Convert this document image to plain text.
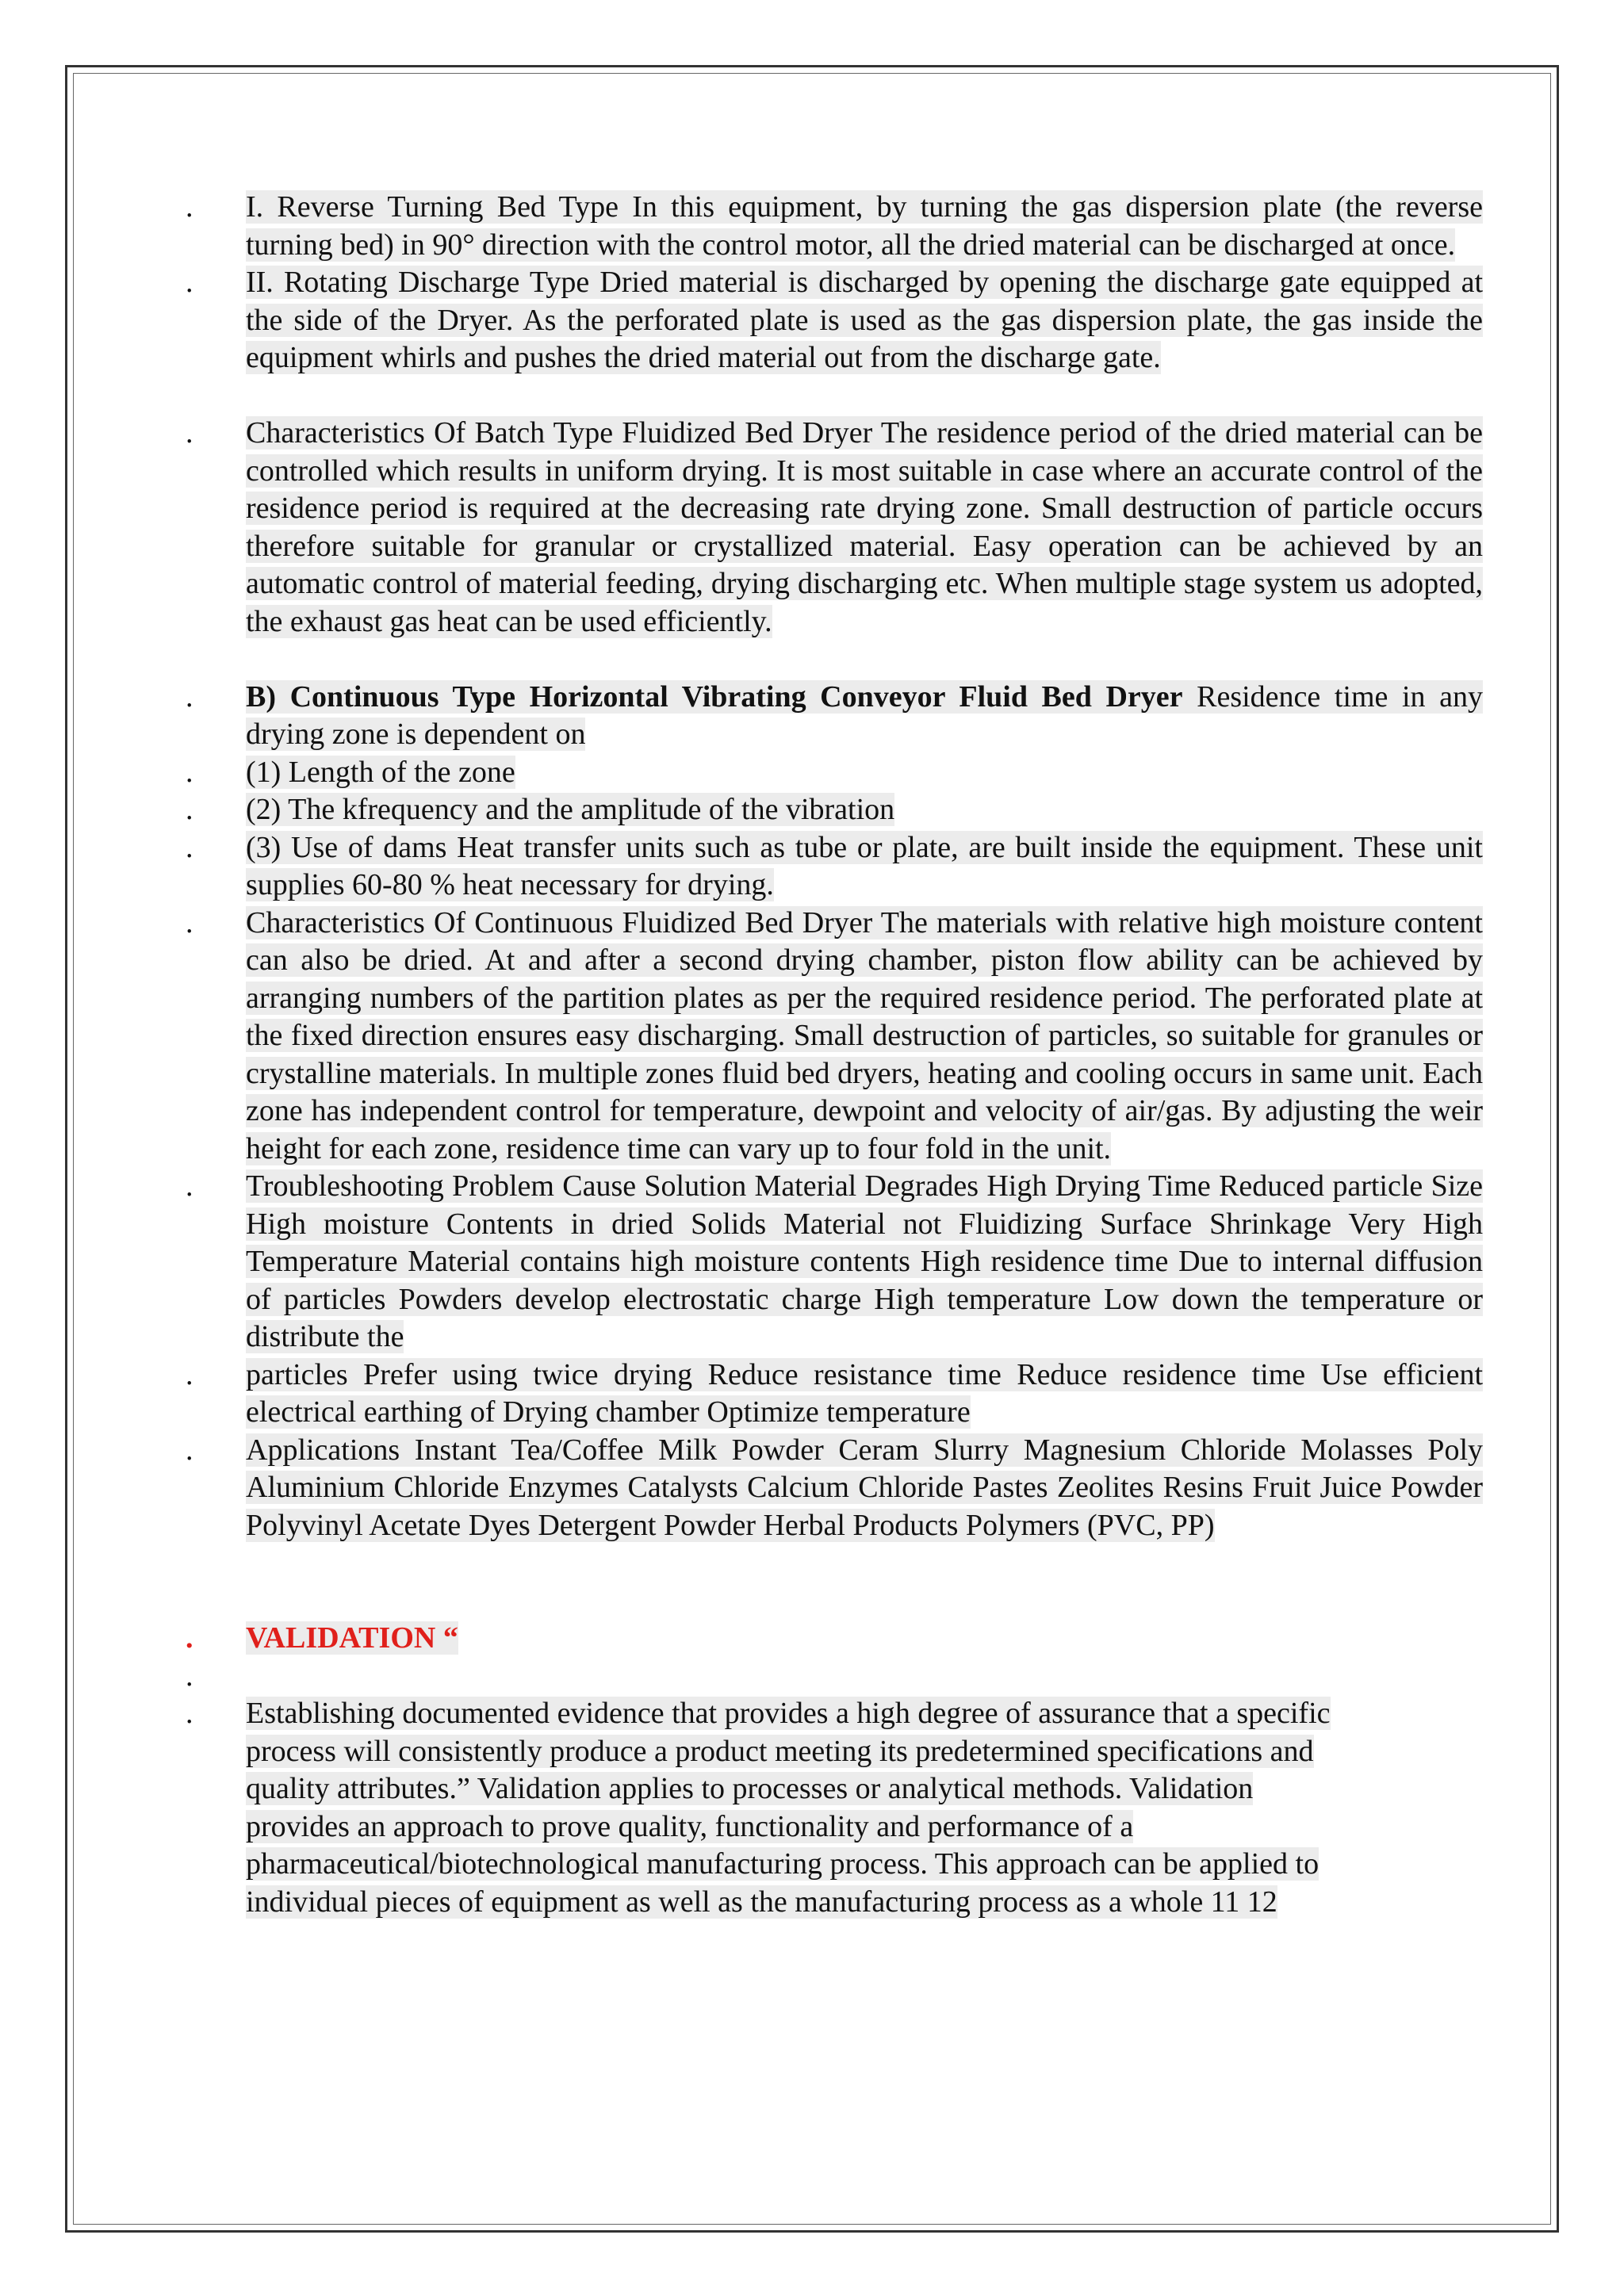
. I. Reverse Turning Bed Type In this equipment, by turning the gas dispersion plate (the reverse turning bed) in 90° direction with the control motor, all the dried material can be discharged at once.
. II. Rotating Discharge Type Dried material is discharged by opening the discharge gate equipped at the side of the Dryer. As the perforated plate is used as the gas dispersion plate, the gas inside the equipment whirls and pushes the dried material out from the discharge gate.
. Characteristics Of Batch Type Fluidized Bed Dryer The residence period of the dried material can be controlled which results in uniform drying. It is most suitable in case where an accurate control of the residence period is required at the decreasing rate drying zone. Small destruction of particle occurs therefore suitable for granular or crystallized material. Easy operation can be achieved by an automatic control of material feeding, drying discharging etc. When multiple stage system us adopted, the exhaust gas heat can be used efficiently.
. B) Continuous Type Horizontal Vibrating Conveyor Fluid Bed Dryer Residence time in any drying zone is dependent on
. (1) Length of the zone
. (2) The kfrequency and the amplitude of the vibration
. (3) Use of dams Heat transfer units such as tube or plate, are built inside the equipment. These unit supplies 60-80 % heat necessary for drying.
. Characteristics Of Continuous Fluidized Bed Dryer The materials with relative high moisture content can also be dried. At and after a second drying chamber, piston flow ability can be achieved by arranging numbers of the partition plates as per the required residence period. The perforated plate at the fixed direction ensures easy discharging. Small destruction of particles, so suitable for granules or crystalline materials. In multiple zones fluid bed dryers, heating and cooling occurs in same unit. Each zone has independent control for temperature, dewpoint and velocity of air/gas. By adjusting the weir height for each zone, residence time can vary up to four fold in the unit.
. Troubleshooting Problem Cause Solution Material Degrades High Drying Time Reduced particle Size High moisture Contents in dried Solids Material not Fluidizing Surface Shrinkage Very High Temperature Material contains high moisture contents High residence time Due to internal diffusion of particles Powders develop electrostatic charge High temperature Low down the temperature or distribute the
. particles Prefer using twice drying Reduce resistance time Reduce residence time Use efficient electrical earthing of Drying chamber Optimize temperature
. Applications Instant Tea/Coffee Milk Powder Ceram Slurry Magnesium Chloride Molasses Poly Aluminium Chloride Enzymes Catalysts Calcium Chloride Pastes Zeolites Resins Fruit Juice Powder Polyvinyl Acetate Dyes Detergent Powder Herbal Products Polymers (PVC, PP)
. VALIDATION “
.

. Establishing documented evidence that provides a high degree of assurance that a specific
process will consistently produce a product meeting its predetermined specifications and
quality attributes.” Validation applies to processes or analytical methods. Validation
provides an approach to prove quality, functionality and performance of a
pharmaceutical/biotechnological manufacturing process. This approach can be applied to
individual pieces of equipment as well as the manufacturing process as a whole 11 12
